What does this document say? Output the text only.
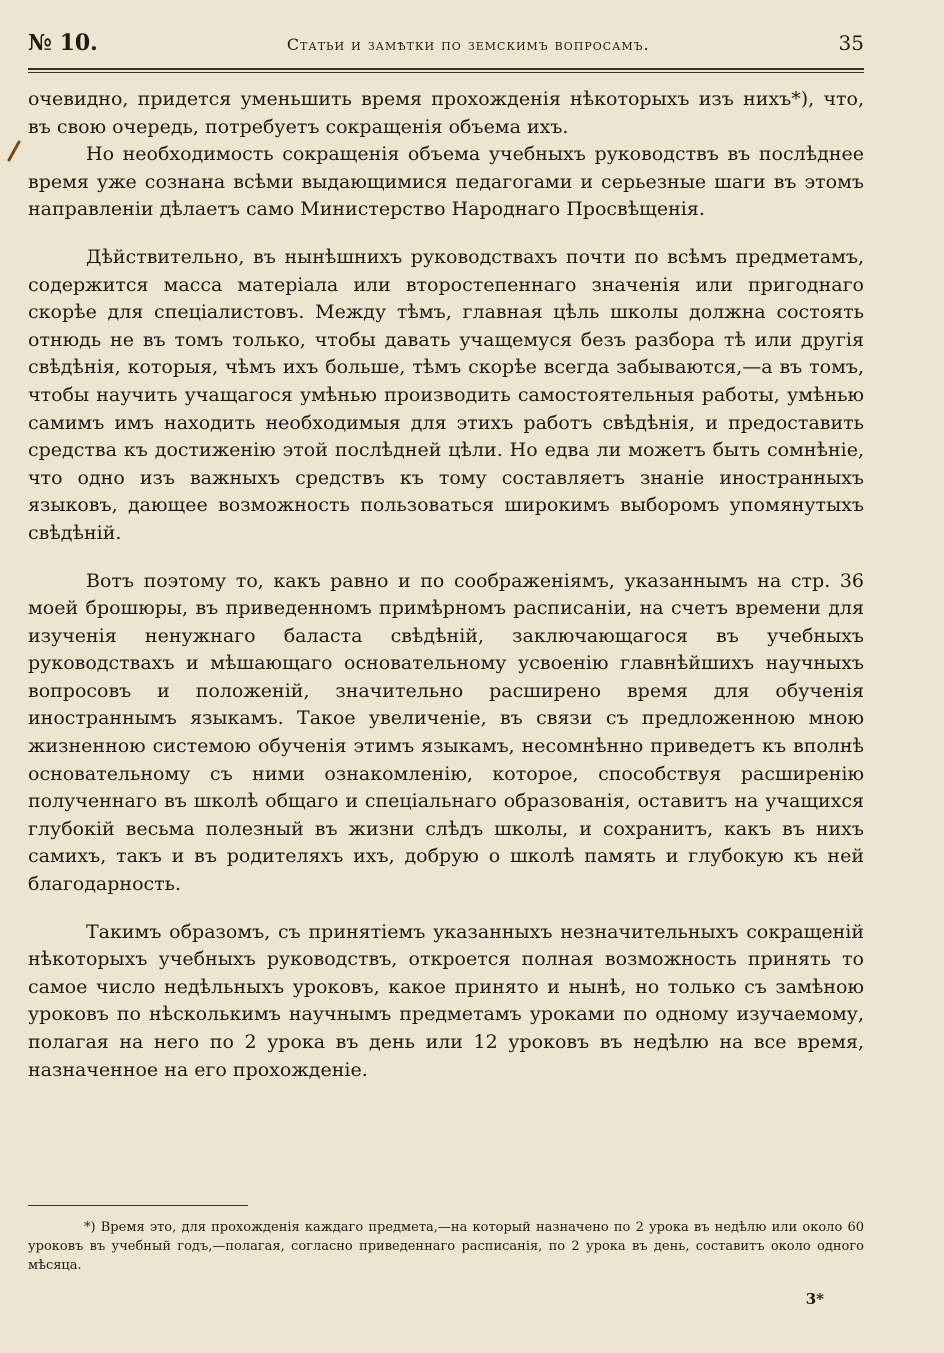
№ 10.	Статьи и замѣтки по земскимъ вопросамъ.	35

очевидно, придется уменьшить время прохожденія нѣкоторыхъ изъ нихъ*), что, въ свою очередь, потребуетъ сокращенія объема ихъ.

Но необходимость сокращенія объема учебныхъ руководствъ въ послѣднее время уже сознана всѣми выдающимися педагогами и серьезные шаги въ этомъ направленіи дѣлаетъ само Министерство Народнаго Просвѣщенія.

Дѣйствительно, въ нынѣшнихъ руководствахъ почти по всѣмъ предметамъ, содержится масса матеріала или второстепеннаго значенія или пригоднаго скорѣе для спеціалистовъ. Между тѣмъ, главная цѣль школы должна состоять отнюдь не въ томъ только, чтобы давать учащемуся безъ разбора тѣ или другія свѣдѣнія, которыя, чѣмъ ихъ больше, тѣмъ скорѣе всегда забываются,—а въ томъ, чтобы научить учащагося умѣнью производить самостоятельныя работы, умѣнью самимъ имъ находить необходимыя для этихъ работъ свѣдѣнія, и предоставить средства къ достиженію этой послѣдней цѣли. Но едва ли можетъ быть сомнѣніе, что одно изъ важныхъ средствъ къ тому составляетъ знаніе иностранныхъ языковъ, дающее возможность пользоваться широкимъ выборомъ упомянутыхъ свѣдѣній.

Вотъ поэтому то, какъ равно и по соображеніямъ, указаннымъ на стр. 36 моей брошюры, въ приведенномъ примѣрномъ расписаніи, на счетъ времени для изученія ненужнаго баласта свѣдѣній, заключающагося въ учебныхъ руководствахъ и мѣшающаго основательному усвоенію главнѣйшихъ научныхъ вопросовъ и положеній, значительно расширено время для обученія иностраннымъ языкамъ. Такое увеличеніе, въ связи съ предложенною мною жизненною системою обученія этимъ языкамъ, несомнѣнно приведетъ къ вполнѣ основательному съ ними ознакомленію, которое, способствуя расширенію полученнаго въ школѣ общаго и спеціальнаго образованія, оставитъ на учащихся глубокій весьма полезный въ жизни слѣдъ школы, и сохранитъ, какъ въ нихъ самихъ, такъ и въ родителяхъ ихъ, добрую о школѣ память и глубокую къ ней благодарность.

Такимъ образомъ, съ принятіемъ указанныхъ незначительныхъ сокращеній нѣкоторыхъ учебныхъ руководствъ, откроется полная возможность принять то самое число недѣльныхъ уроковъ, какое принято и нынѣ, но только съ замѣною уроковъ по нѣсколькимъ научнымъ предметамъ уроками по одному изучаемому, полагая на него по 2 урока въ день или 12 уроковъ въ недѣлю на все время, назначенное на его прохожденіе.

*) Время это, для прохожденія каждаго предмета,—на который назначено по 2 урока въ недѣлю или около 60 уроковъ въ учебный годъ,—полагая, согласно приведеннаго расписанія, по 2 урока въ день, составитъ около одного мѣсяца.

3*
